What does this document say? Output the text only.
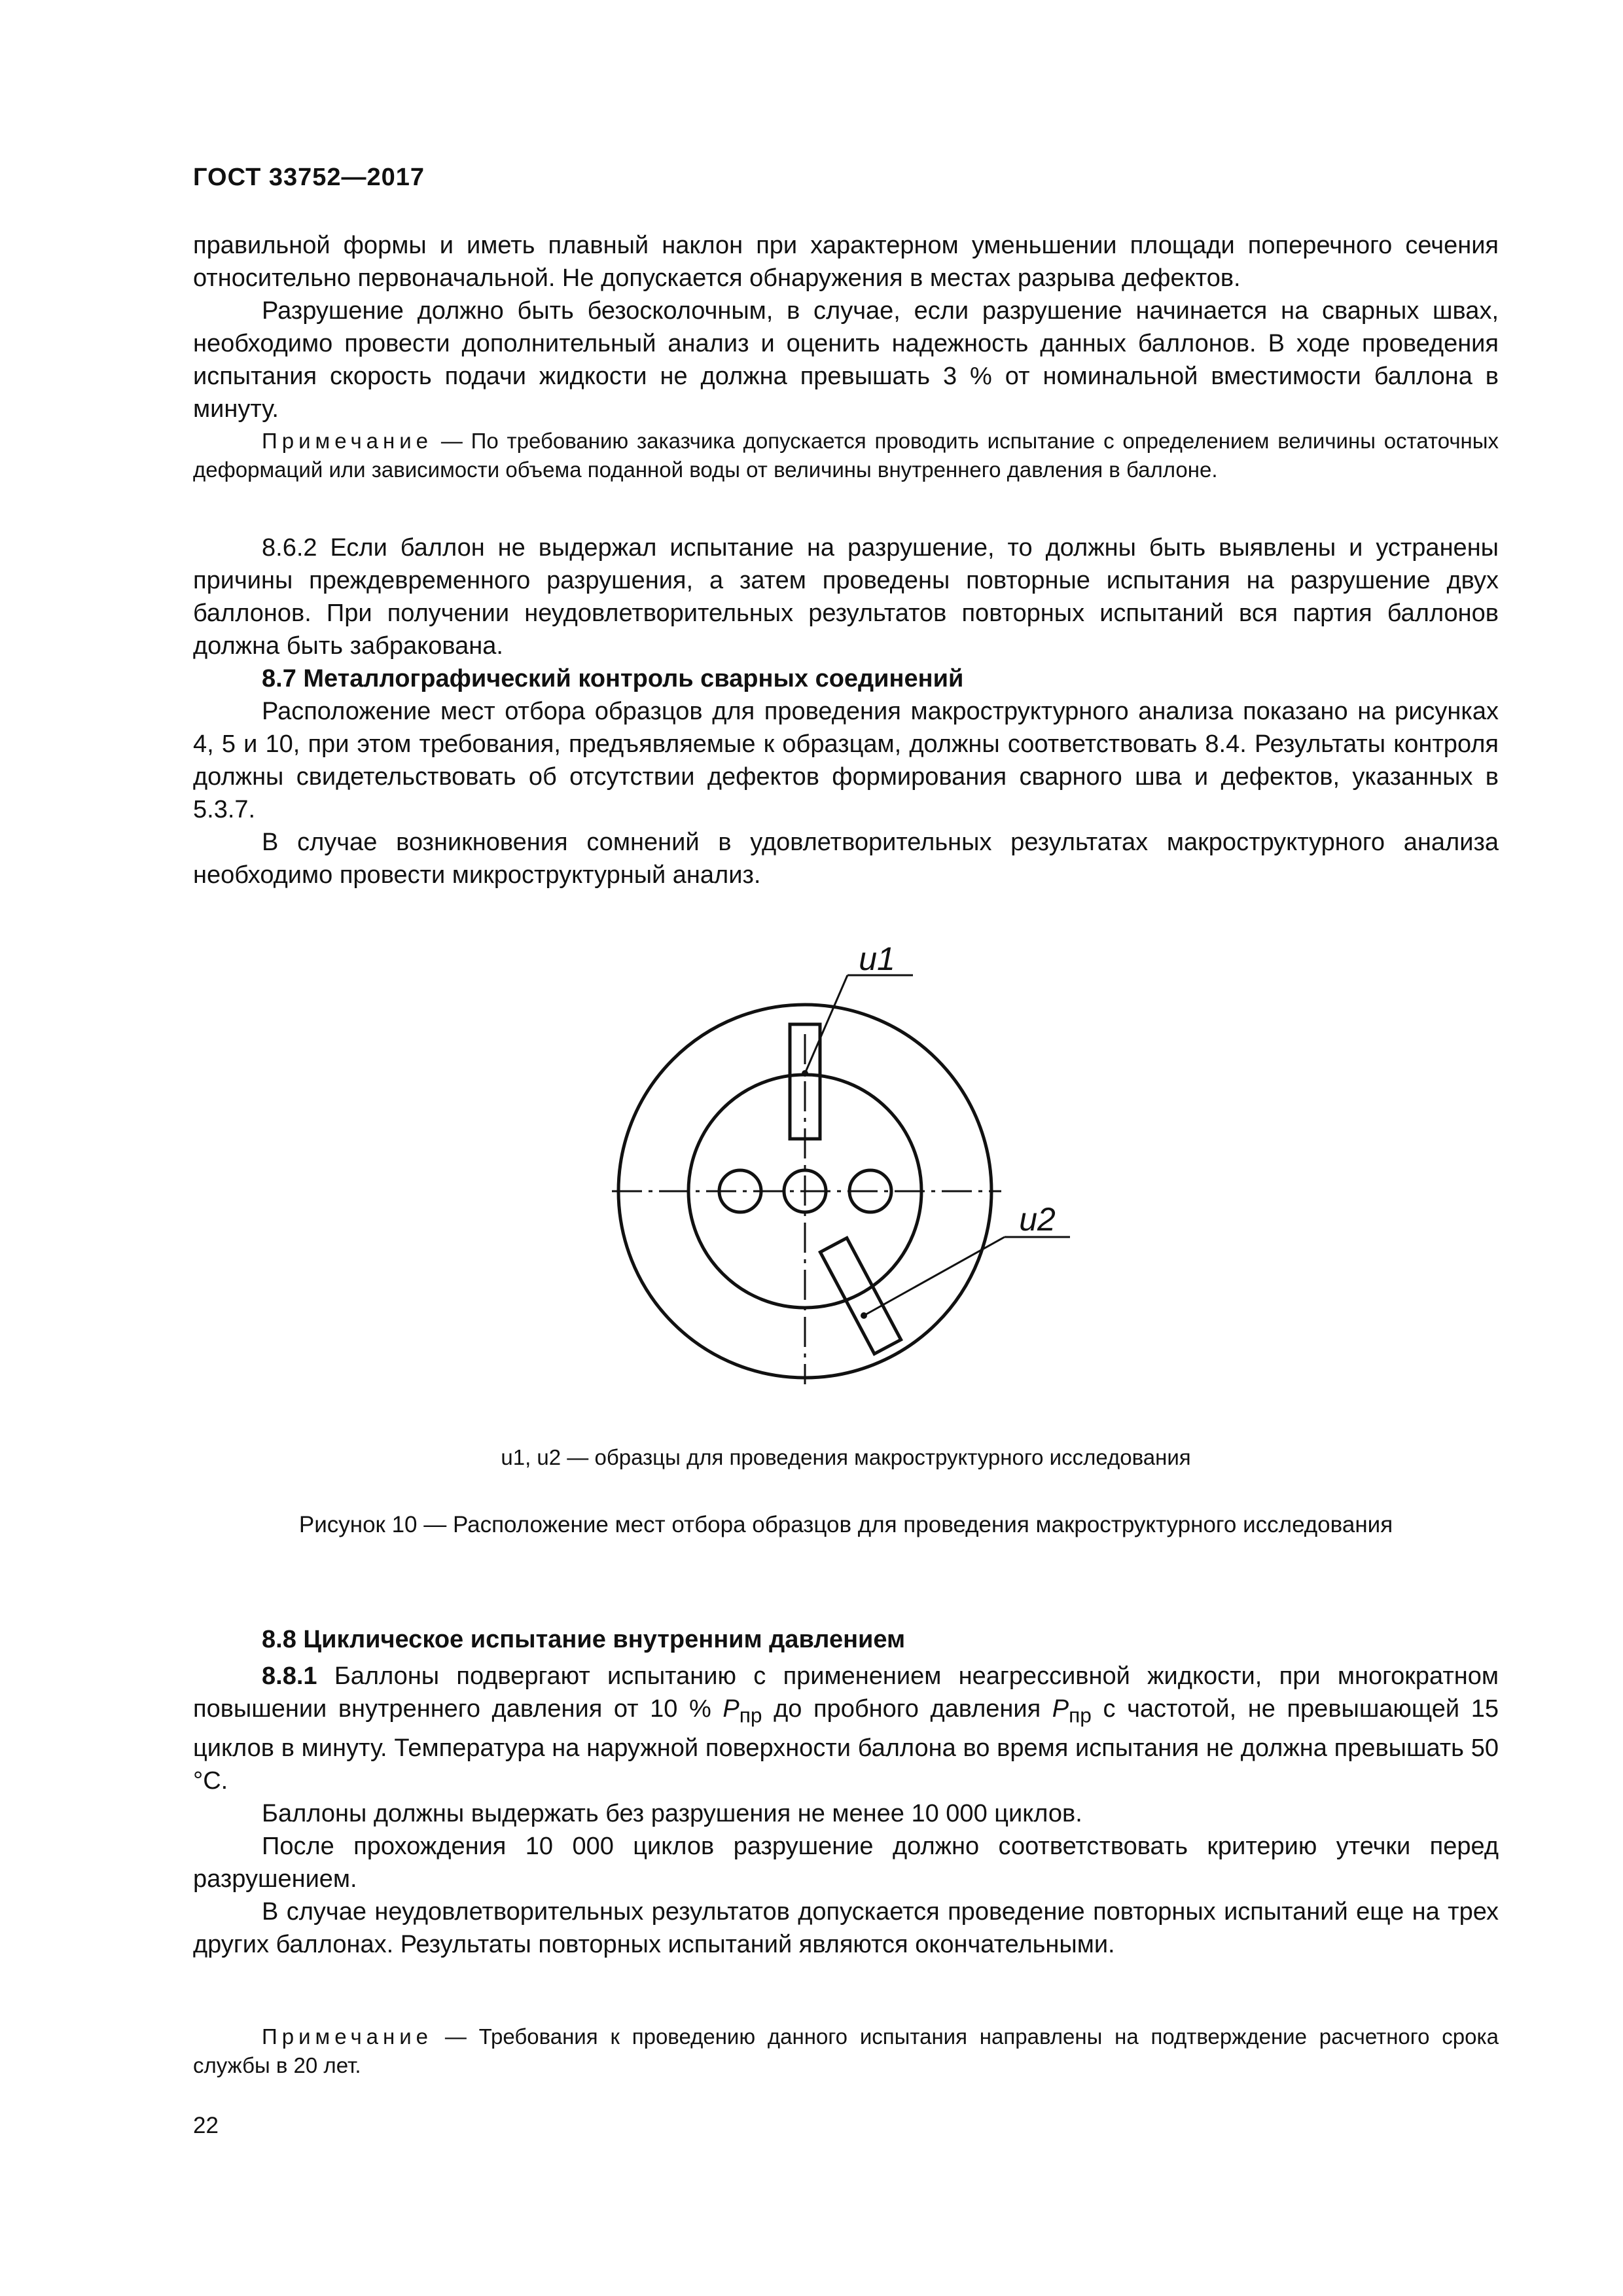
ГОСТ 33752—2017

правильной формы и иметь плавный наклон при характерном уменьшении площади поперечного сечения относительно первоначальной. Не допускается обнаружения в местах разрыва дефектов.

Разрушение должно быть безосколочным, в случае, если разрушение начинается на сварных швах, необходимо провести дополнительный анализ и оценить надежность данных баллонов. В ходе проведения испытания скорость подачи жидкости не должна превышать 3 % от номинальной вместимости баллона в минуту.

Примечание — По требованию заказчика допускается проводить испытание с определением величины остаточных деформаций или зависимости объема поданной воды от величины внутреннего давления в баллоне.

8.6.2 Если баллон не выдержал испытание на разрушение, то должны быть выявлены и устранены причины преждевременного разрушения, а затем проведены повторные испытания на разрушение двух баллонов. При получении неудовлетворительных результатов повторных испытаний вся партия баллонов должна быть забракована.

8.7 Металлографический контроль сварных соединений

Расположение мест отбора образцов для проведения макроструктурного анализа показано на рисунках 4, 5 и 10, при этом требования, предъявляемые к образцам, должны соответствовать 8.4. Результаты контроля должны свидетельствовать об отсутствии дефектов формирования сварного шва и дефектов, указанных в 5.3.7.

В случае возникновения сомнений в удовлетворительных результатах макроструктурного анализа необходимо провести микроструктурный анализ.

u1
u2
u1, u2 — образцы для проведения макроструктурного исследования
Рисунок 10 — Расположение мест отбора образцов для проведения макроструктурного исследования

8.8 Циклическое испытание внутренним давлением

8.8.1 Баллоны подвергают испытанию с применением неагрессивной жидкости, при многократном повышении внутреннего давления от 10 % $P_{пр}$ до пробного давления $P_{пр}$ с частотой, не превышающей 15 циклов в минуту. Температура на наружной поверхности баллона во время испытания не должна превышать 50 °С.

Баллоны должны выдержать без разрушения не менее 10 000 циклов.

После прохождения 10 000 циклов разрушение должно соответствовать критерию утечки перед разрушением.

В случае неудовлетворительных результатов допускается проведение повторных испытаний еще на трех других баллонах. Результаты повторных испытаний являются окончательными.

Примечание — Требования к проведению данного испытания направлены на подтверждение расчетного срока службы в 20 лет.

22
